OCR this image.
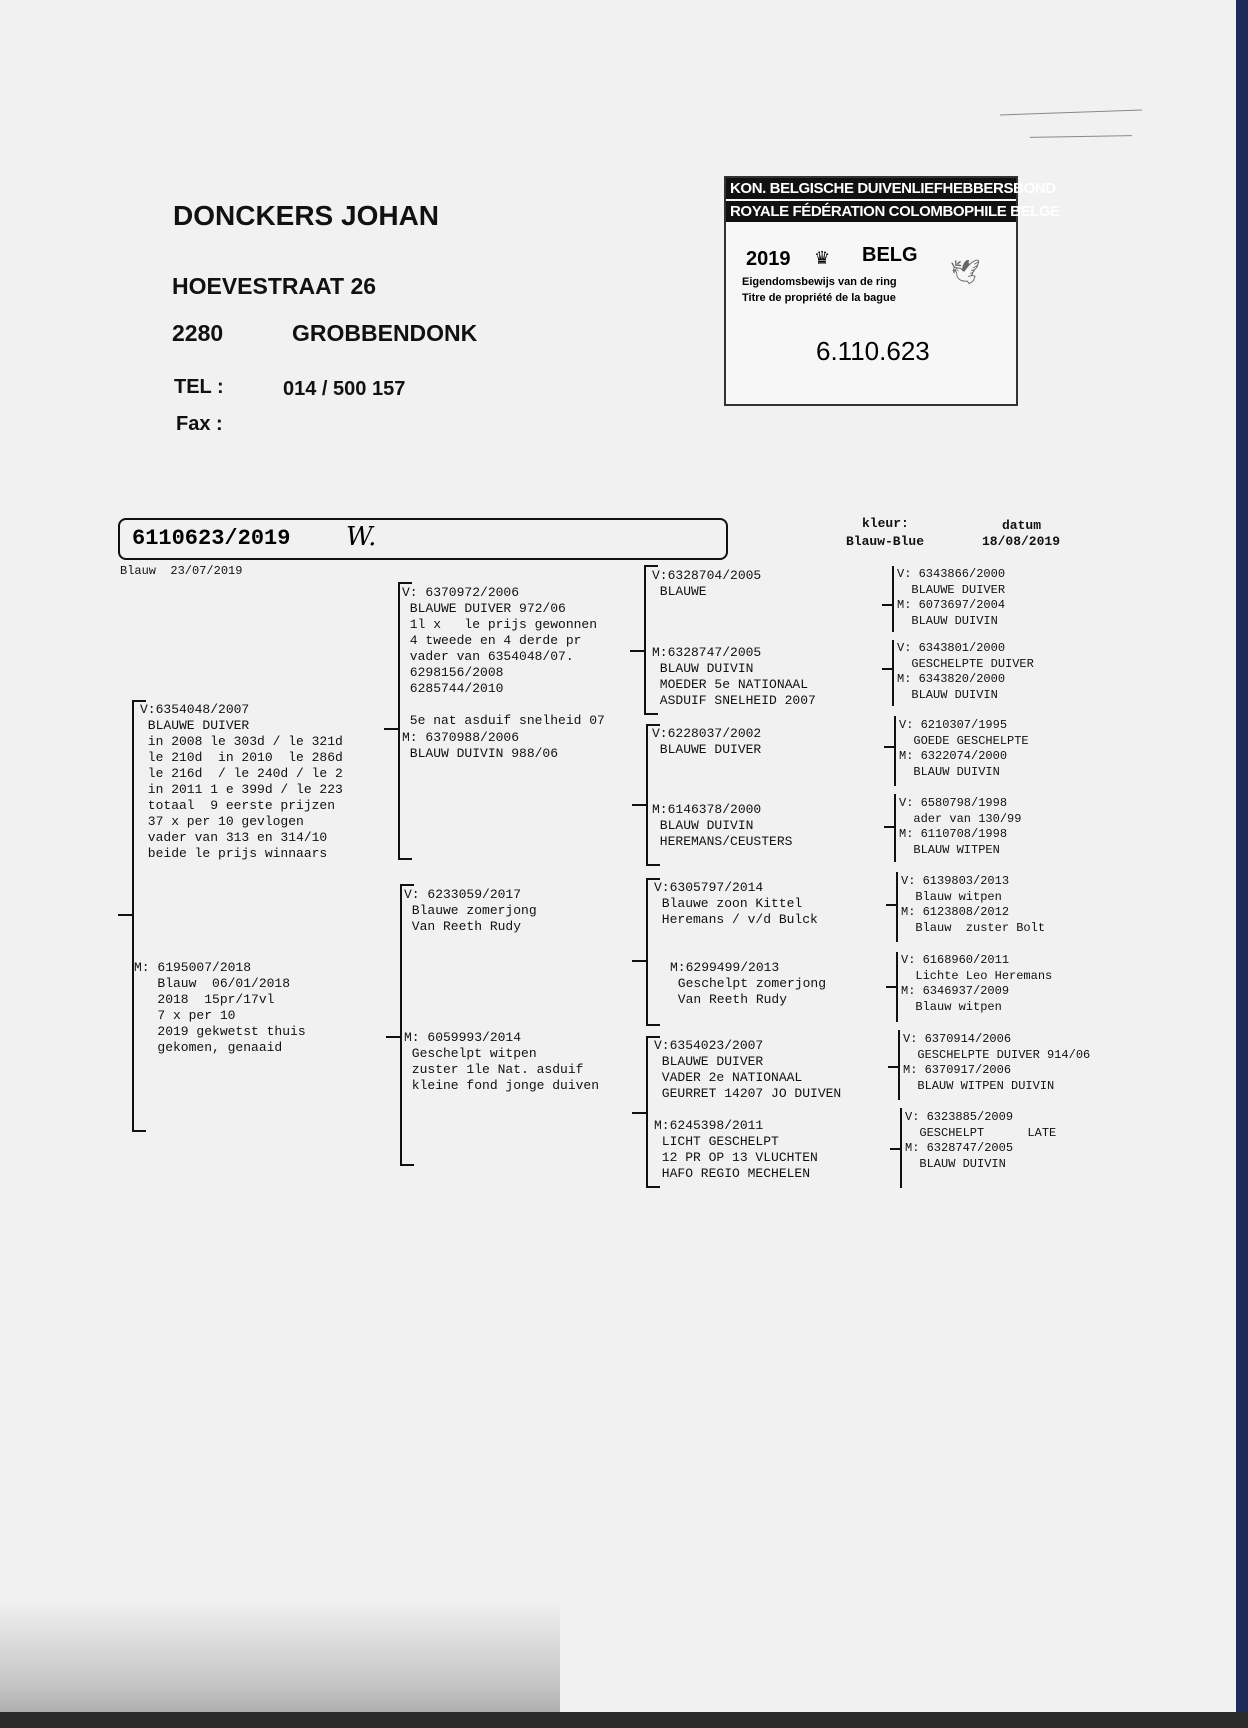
DONCKERS JOHAN
HOEVESTRAAT 26
2280	GROBBENDONK
TEL :	014 / 500 157
Fax :
KON. BELGISCHE DUIVENLIEFHEBBERSBOND
ROYALE FÉDÉRATION COLOMBOPHILE BELGE
2019 ♛ BELG
🕊
Eigendomsbewijs van de ring
Titre de propriété de la bague
6.110.623
6110623/2019 W.	kleur:
Blauw-Blue
datum
18/08/2019
Blauw  23/07/2019
V:6354048/2007
BLAUWE DUIVER
in 2008 le 303d / le 321d
le 210d  in 2010  le 286d
le 216d  / le 240d / le 2
in 2011 1 e 399d / le 223
totaal  9 eerste prijzen
37 x per 10 gevlogen
vader van 313 en 314/10
beide le prijs winnaars
M: 6195007/2018
Blauw  06/01/2018
2018  15pr/17vl
7 x per 10
2019 gekwetst thuis
gekomen, genaaid
V: 6370972/2006
BLAUWE DUIVER 972/06
1l x   le prijs gewonnen
4 tweede en 4 derde pr
vader van 6354048/07.
6298156/2008
6285744/2010

5e nat asduif snelheid 07
M: 6370988/2006
BLAUW DUIVIN 988/06
V: 6233059/2017
Blauwe zomerjong
Van Reeth Rudy
M: 6059993/2014
Geschelpt witpen
zuster 1le Nat. asduif
kleine fond jonge duiven
V:6328704/2005
BLAUWE
M:6328747/2005
BLAUW DUIVIN
MOEDER 5e NATIONAAL
ASDUIF SNELHEID 2007
V:6228037/2002
BLAUWE DUIVER
M:6146378/2000
BLAUW DUIVIN
HEREMANS/CEUSTERS
V:6305797/2014
Blauwe zoon Kittel
Heremans / v/d Bulck
M:6299499/2013
Geschelpt zomerjong
Van Reeth Rudy
V:6354023/2007
BLAUWE DUIVER
VADER 2e NATIONAAL
GEURRET 14207 JO DUIVEN
M:6245398/2011
LICHT GESCHELPT
12 PR OP 13 VLUCHTEN
HAFO REGIO MECHELEN
V: 6343866/2000
BLAUWE DUIVER
M: 6073697/2004
BLAUW DUIVIN
V: 6343801/2000
GESCHELPTE DUIVER
M: 6343820/2000
BLAUW DUIVIN
V: 6210307/1995
GOEDE GESCHELPTE
M: 6322074/2000
BLAUW DUIVIN
V: 6580798/1998
ader van 130/99
M: 6110708/1998
BLAUW WITPEN
V: 6139803/2013
Blauw witpen
M: 6123808/2012
Blauw  zuster Bolt
V: 6168960/2011
Lichte Leo Heremans
M: 6346937/2009
Blauw witpen
V: 6370914/2006
GESCHELPTE DUIVER 914/06
M: 6370917/2006
BLAUW WITPEN DUIVIN
V: 6323885/2009
GESCHELPT      LATE
M: 6328747/2005
BLAUW DUIVIN
